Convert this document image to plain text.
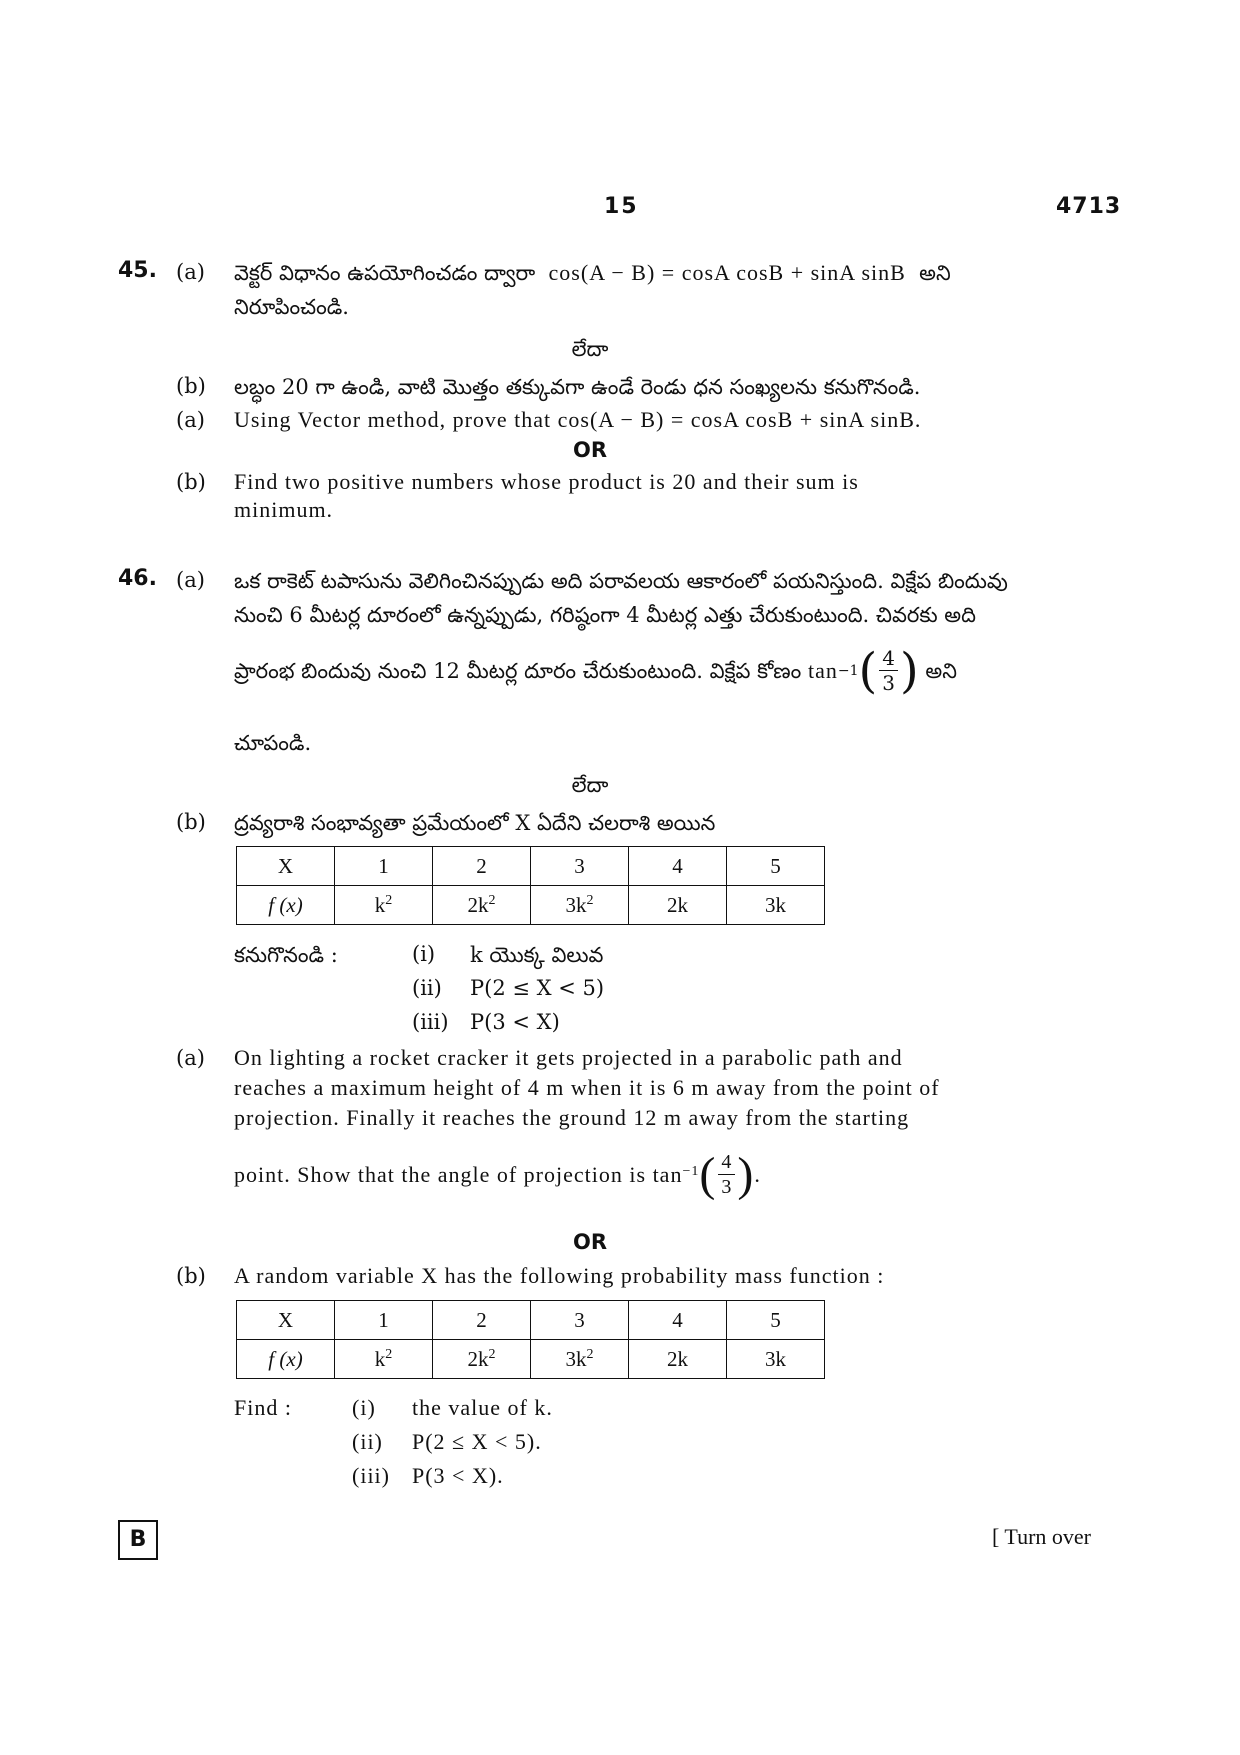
15	4713
45. (a) వెక్టర్ విధానం ఉపయోగించడం ద్వారా cos(A − B) = cosA cosB + sinA sinB అని
నిరూపించండి.
లేదా
(b) లబ్ధం 20 గా ఉండి, వాటి మొత్తం తక్కువగా ఉండే రెండు ధన సంఖ్యలను కనుగొనండి.
(a) Using Vector method, prove that cos(A − B) = cosA cosB + sinA sinB.
OR
(b) Find two positive numbers whose product is 20 and their sum is
minimum.
46. (a) ఒక రాకెట్ టపాసును వెలిగించినప్పుడు అది పరావలయ ఆకారంలో పయనిస్తుంది. విక్షేప బిందువు
నుంచి 6 మీటర్ల దూరంలో ఉన్నప్పుడు, గరిష్ఠంగా 4 మీటర్ల ఎత్తు చేరుకుంటుంది. చివరకు అది
ప్రారంభ బిందువు నుంచి 12 మీటర్ల దూరం చేరుకుంటుంది. విక్షేప కోణం
tan −1 ( $\frac{4}{3}$ )
అని
చూపండి.
లేదా
(b) ద్రవ్యరాశి సంభావ్యతా ప్రమేయంలో X ఏదేని చలరాశి అయిన
X	1	2	3	4	5
f (x)	$k^2$	$2k^2$	$3k^2$	2k	3k
కనుగొనండి :	(i) k యొక్క విలువ
(ii) P(2 ≤ X < 5)
(iii) P(3 < X)
(a) On lighting a rocket cracker it gets projected in a parabolic path and
reaches a maximum height of 4 m when it is 6 m away from the point of
projection. Finally it reaches the ground 12 m away from the starting
point. Show that the angle of projection is
tan −1 ( $\frac{4}{3}$ ) .
OR
(b) A random variable X has the following probability mass function :
X	1	2	3	4	5
f (x)	$k^2$	$2k^2$	$3k^2$	2k	3k
Find :	(i) the value of k.
(ii) P(2 ≤ X < 5).
(iii) P(3 < X).
B	[ Turn over
